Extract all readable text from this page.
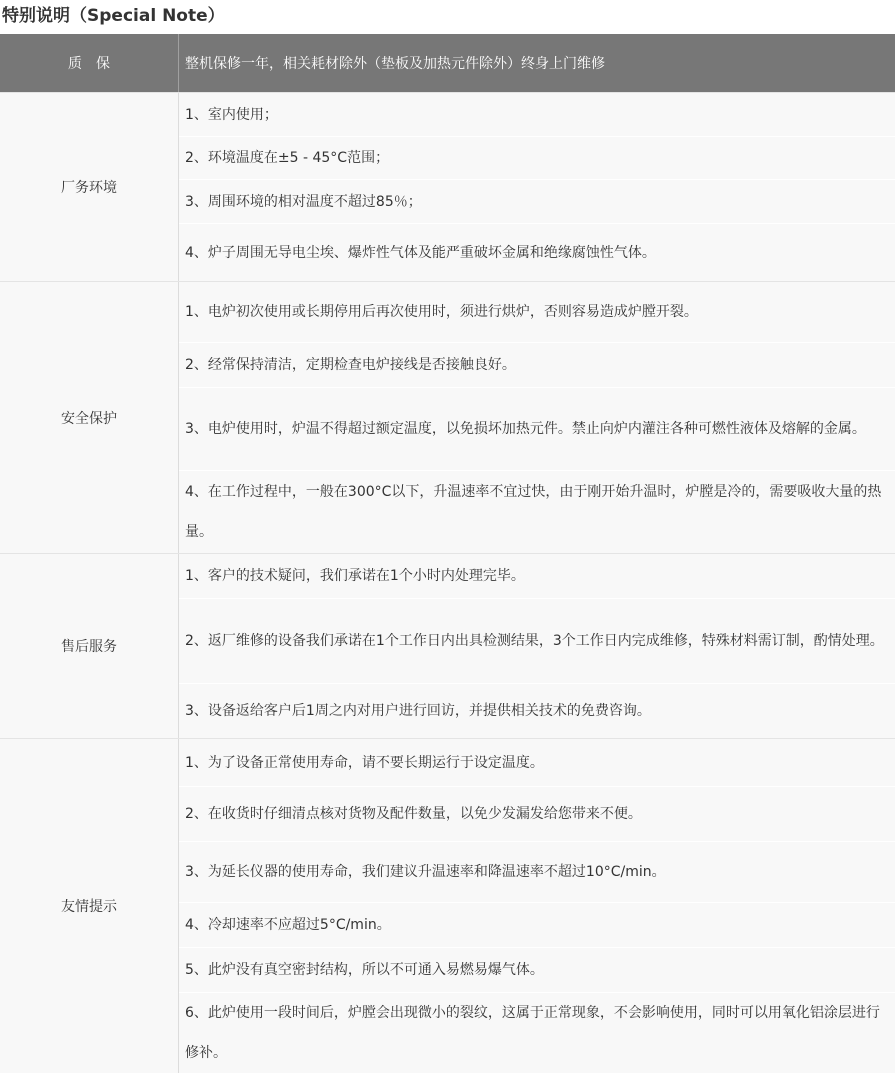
特别说明（Special Note）
质　保	整机保修一年，相关耗材除外（垫板及加热元件除外）终身上门维修
厂务环境
1、室内使用；
2、环境温度在±5 - 45°C范围；
3、周围环境的相对温度不超过85％；
4、炉子周围无导电尘埃、爆炸性气体及能严重破坏金属和绝缘腐蚀性气体。
安全保护
1、电炉初次使用或长期停用后再次使用时，须进行烘炉，否则容易造成炉膛开裂。
2、经常保持清洁，定期检查电炉接线是否接触良好。
3、电炉使用时，炉温不得超过额定温度，以免损坏加热元件。禁止向炉内灌注各种可燃性液体及熔解的金属。
4、在工作过程中，一般在300°C以下，升温速率不宜过快，由于刚开始升温时，炉膛是冷的，需要吸收大量的热量。
售后服务
1、客户的技术疑问，我们承诺在1个小时内处理完毕。
2、返厂维修的设备我们承诺在1个工作日内出具检测结果，3个工作日内完成维修，特殊材料需订制，酌情处理。
3、设备返给客户后1周之内对用户进行回访，并提供相关技术的免费咨询。
友情提示
1、为了设备正常使用寿命，请不要长期运行于设定温度。
2、在收货时仔细清点核对货物及配件数量，以免少发漏发给您带来不便。
3、为延长仪器的使用寿命，我们建议升温速率和降温速率不超过10°C/min。
4、冷却速率不应超过5°C/min。
5、此炉没有真空密封结构，所以不可通入易燃易爆气体。
6、此炉使用一段时间后，炉膛会出现微小的裂纹，这属于正常现象，不会影响使用，同时可以用氧化铝涂层进行修补。
